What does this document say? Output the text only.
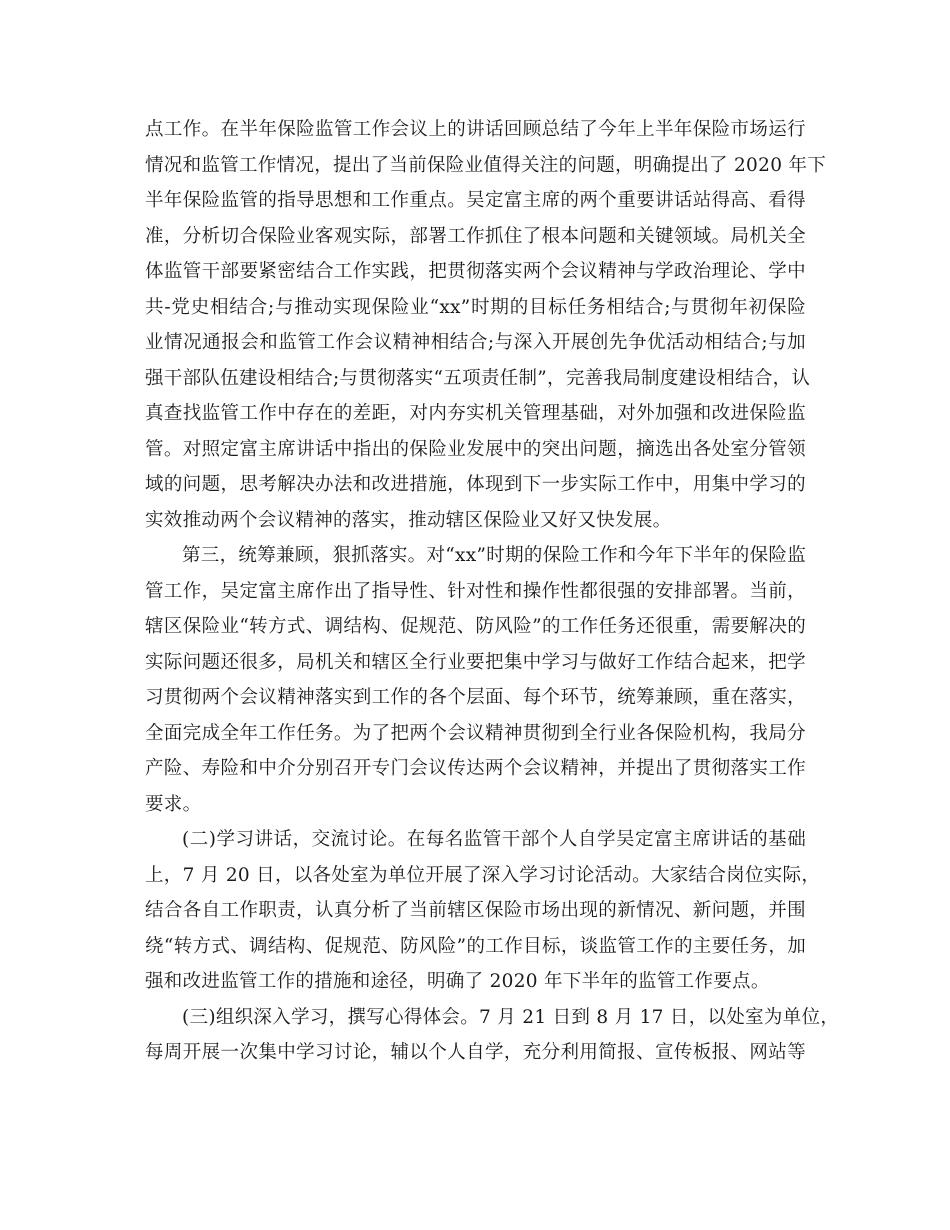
点工作。在半年保险监管工作会议上的讲话回顾总结了今年上半年保险市场运行
情况和监管工作情况，提出了当前保险业值得关注的问题，明确提出了 2020 年下
半年保险监管的指导思想和工作重点。吴定富主席的两个重要讲话站得高、看得
准，分析切合保险业客观实际，部署工作抓住了根本问题和关键领域。局机关全
体监管干部要紧密结合工作实践，把贯彻落实两个会议精神与学政治理论、学中
共-党史相结合;与推动实现保险业“xx”时期的目标任务相结合;与贯彻年初保险
业情况通报会和监管工作会议精神相结合;与深入开展创先争优活动相结合;与加
强干部队伍建设相结合;与贯彻落实“五项责任制”，完善我局制度建设相结合，认
真查找监管工作中存在的差距，对内夯实机关管理基础，对外加强和改进保险监
管。对照定富主席讲话中指出的保险业发展中的突出问题，摘选出各处室分管领
域的问题，思考解决办法和改进措施，体现到下一步实际工作中，用集中学习的
实效推动两个会议精神的落实，推动辖区保险业又好又快发展。
第三，统筹兼顾，狠抓落实。对“xx”时期的保险工作和今年下半年的保险监
管工作，吴定富主席作出了指导性、针对性和操作性都很强的安排部署。当前，
辖区保险业“转方式、调结构、促规范、防风险”的工作任务还很重，需要解决的
实际问题还很多，局机关和辖区全行业要把集中学习与做好工作结合起来，把学
习贯彻两个会议精神落实到工作的各个层面、每个环节，统筹兼顾，重在落实，
全面完成全年工作任务。为了把两个会议精神贯彻到全行业各保险机构，我局分
产险、寿险和中介分别召开专门会议传达两个会议精神，并提出了贯彻落实工作
要求。
(二)学习讲话，交流讨论。在每名监管干部个人自学吴定富主席讲话的基础
上，7 月 20 日，以各处室为单位开展了深入学习讨论活动。大家结合岗位实际，
结合各自工作职责，认真分析了当前辖区保险市场出现的新情况、新问题，并围
绕“转方式、调结构、促规范、防风险”的工作目标，谈监管工作的主要任务，加
强和改进监管工作的措施和途径，明确了 2020 年下半年的监管工作要点。
(三)组织深入学习，撰写心得体会。7 月 21 日到 8 月 17 日，以处室为单位，
每周开展一次集中学习讨论，辅以个人自学，充分利用简报、宣传板报、网站等
